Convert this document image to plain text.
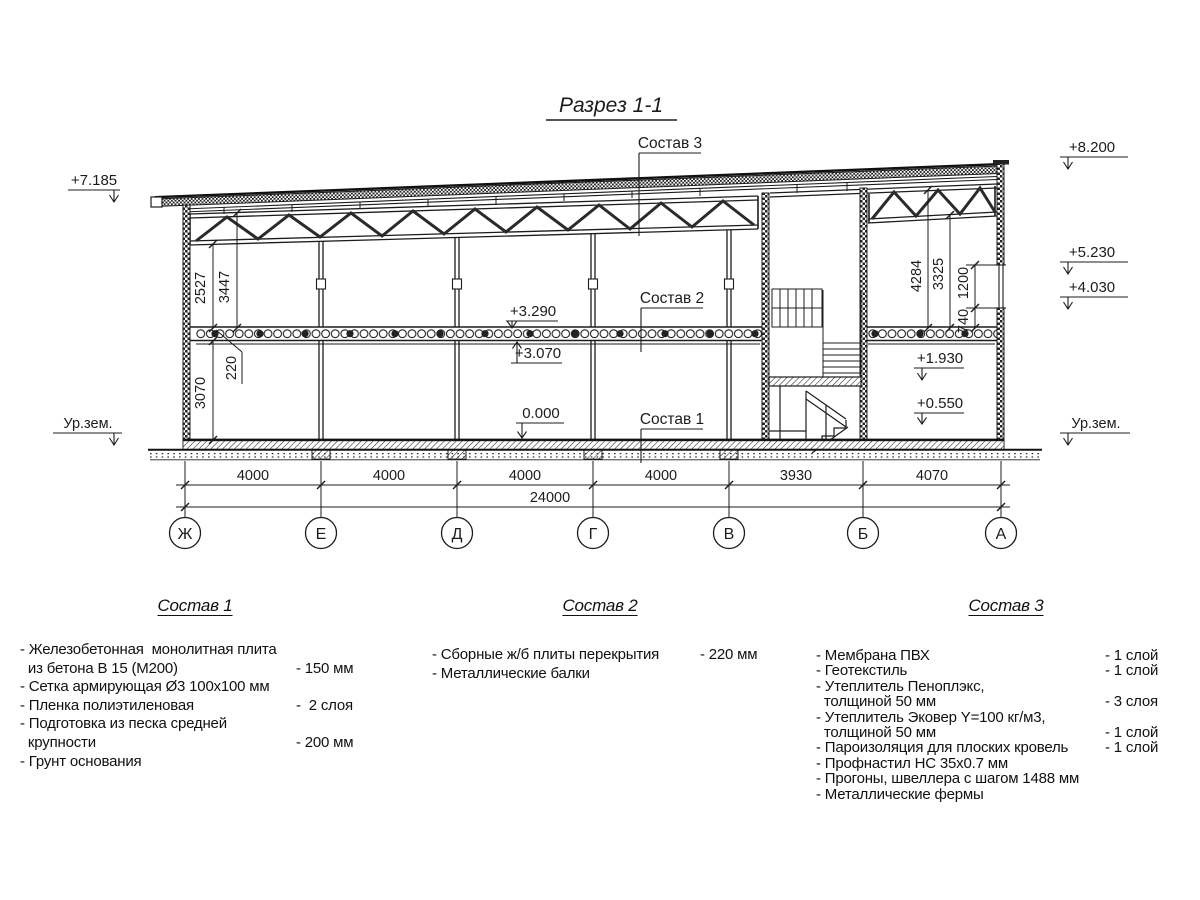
Разрез 1-1
2527 3447
220
3070
4284 3325 1200
740
+7.185
Ур.зем.
+8.200
+5.230
+4.030
Ур.зем.
+3.290
+3.070
0.000
+1.930
+0.550
Состав 3
Состав 2
Состав 1
4000	4000	4000	4000	3930	4070
24000
Ж	Е	Д	Г	В	Б	А
Состав 1
- Железобетонная  монолитная плита
из бетона В 15 (М200)	- 150 мм
- Сетка армирующая Ø3 100х100 мм
- Пленка полиэтиленовая	-  2 слоя
- Подготовка из песка средней
крупности	- 200 мм
- Грунт основания
Состав 2
- Сборные ж/б плиты перекрытия	- 220 мм
- Металлические балки
Состав 3
- Мембрана ПВХ	- 1 слой
- Геотекстиль	- 1 слой
- Утеплитель Пеноплэкс,
толщиной 50 мм	- 3 слоя
- Утеплитель Эковер Y=100 кг/м3,
толщиной 50 мм	- 1 слой
- Пароизоляция для плоских кровель - 1 слой
- Профнастил НС 35х0.7 мм
- Прогоны, швеллера с шагом 1488 мм
- Металлические фермы
